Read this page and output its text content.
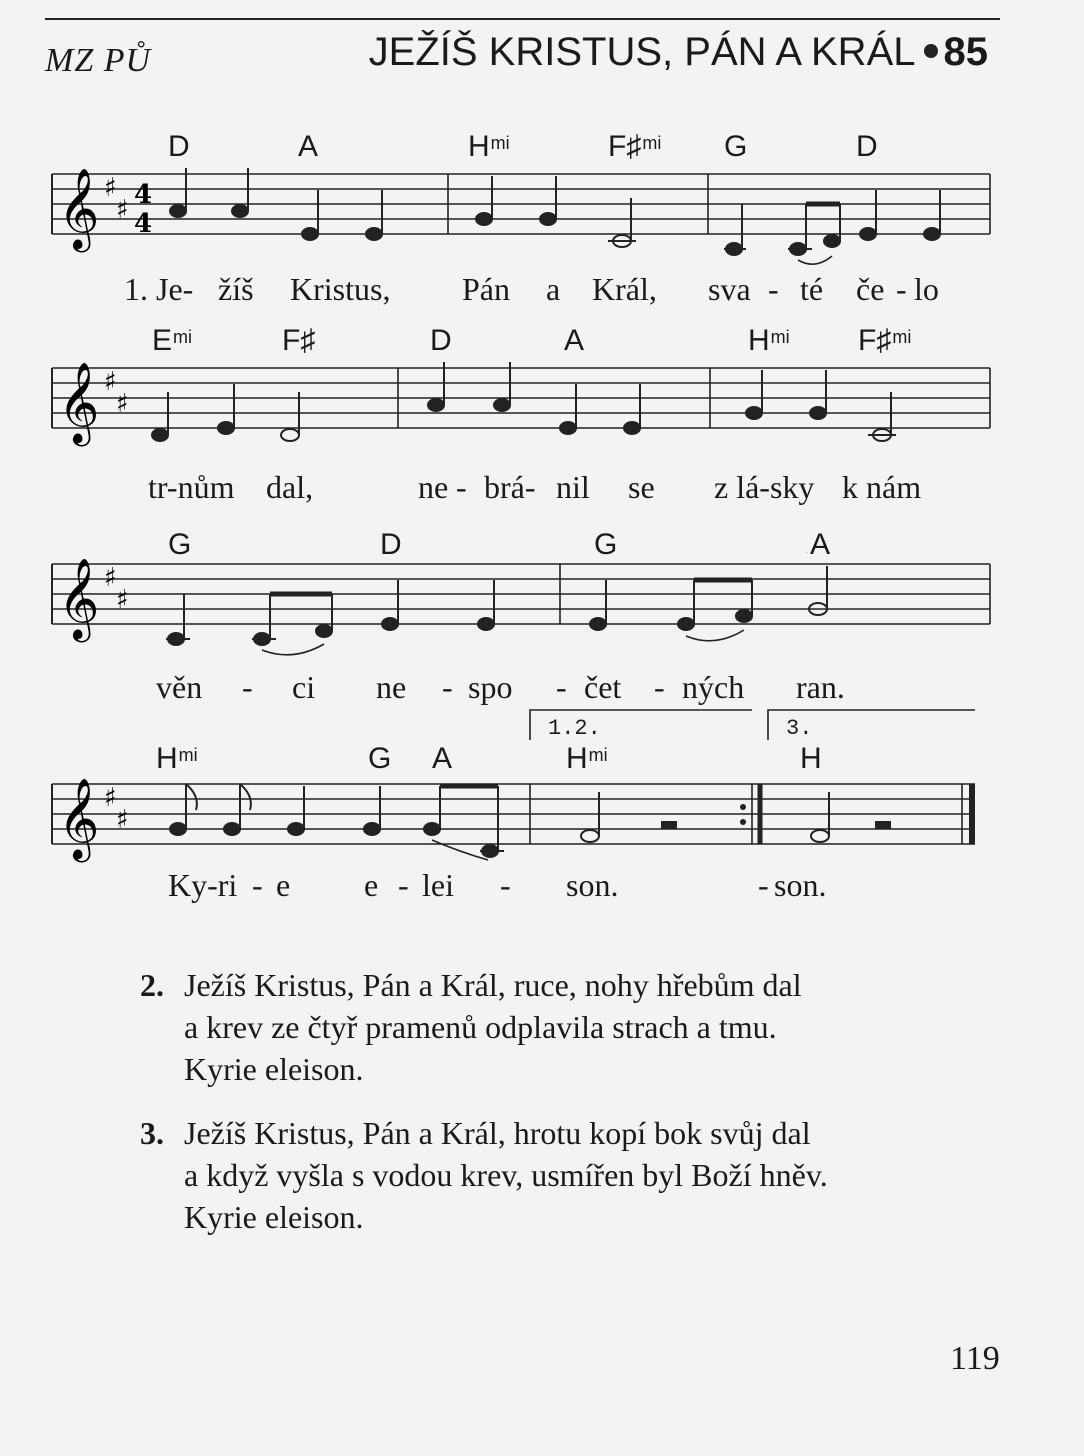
MZ PŮ	JEŽÍŠ KRISTUS, PÁN A KRÁL 85
D	A	$H^{mi}$	F♯$^{mi}$ G	D
𝄞 ♯
♯ 4
4
1. Je- žíš Kristus, Pán a Král, sva - té če - lo
$E^{mi}$	F♯	D	A	$H^{mi}$ F♯$^{mi}$
𝄞 ♯
♯
tr-nům dal,	ne - brá- nil se z lá-sky k nám
G	D	G	A
𝄞 ♯
♯
věn - ci ne - spo - čet - ných ran.
1.2.	3.
$H^{mi}$	G A	$H^{mi}$	H
𝄞 ♯
♯
Ky-ri - e e - lei - son.	- son.
2. Ježíš Kristus, Pán a Král, ruce, nohy hřebům dal
a krev ze čtyř pramenů odplavila strach a tmu.
Kyrie eleison.
3. Ježíš Kristus, Pán a Král, hrotu kopí bok svůj dal
a když vyšla s vodou krev, usmířen byl Boží hněv.
Kyrie eleison.
119
